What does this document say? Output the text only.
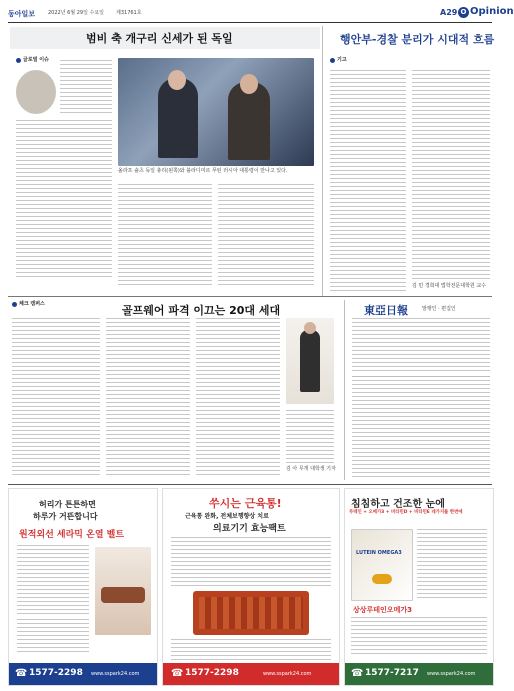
동아일보	2022년 6월 29일 수요일 제31761호	A29 O Opinion
범비 축 개구리 신세가 된 독일
글로벌 이슈
올라프 숄츠 독일 총리(왼쪽)와 블라디미르 푸틴 러시아 대통령이 만나고 있다.
행안부-경찰 분리가 시대적 흐름
기고
김 민 경희대 법학전문대학원 교수
체크 캠퍼스	골프웨어 파격 이끄는 20대 세대
김 아 무개 대학생 기자
東亞日報	발행인 · 편집인
허리가 튼튼하면
하루가 거뜬합니다
원적외선 세라믹 온열 벨트
☎ 1577-2298 www.sspark24.com
쑤시는 근육통!
근육통 완화, 전체보행향상 치료
의료기기 효능팩트
☎ 1577-2298	www.sspark24.com
침침하고 건조한 눈에
루테인 + 오메가3 + 비타민D + 비타민E 네가지를 한번에
LUTEIN OMEGA3
상상루테인오메가3
☎ 1577-7217 www.sspark24.com
